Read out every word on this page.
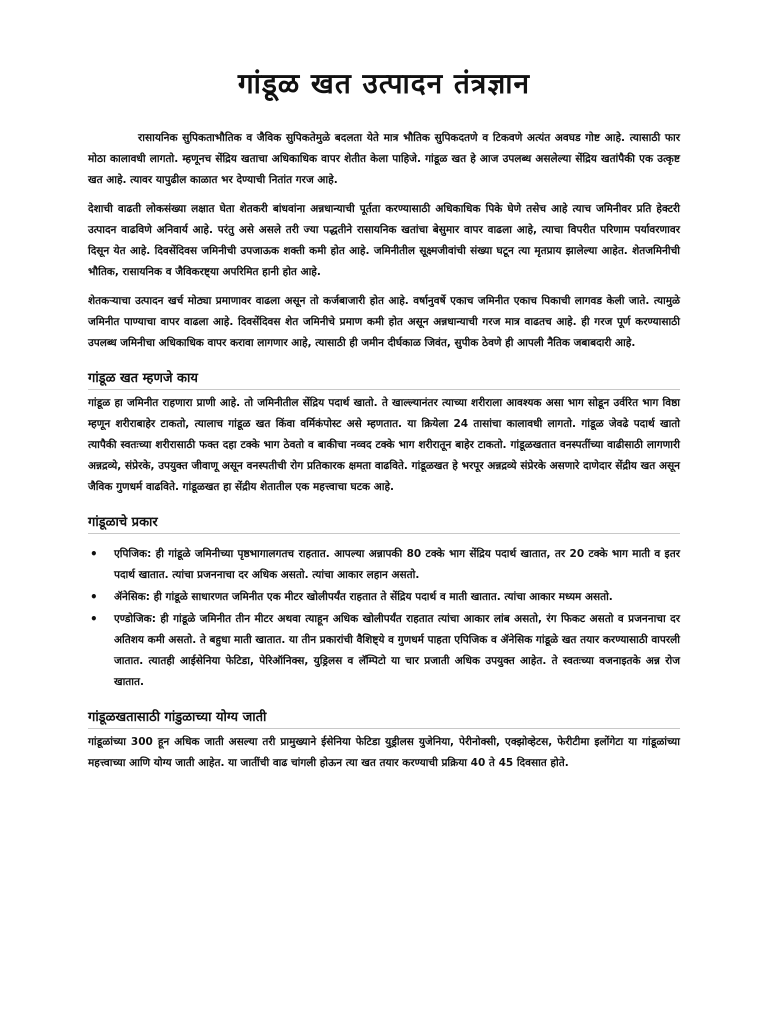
गांडूळ खत उत्पादन तंत्रज्ञान

रासायनिक सुपिकताभौतिक व जैविक सुपिकतेमुळे बदलता येते मात्र भौतिक सुपिकदतणे व टिकवणे अत्यंत अवघड गोष्ट आहे. त्यासाठी फार मोठा कालावधी लागतो. म्हणूनच सेंद्रिय खताचा अधिकाधिक वापर शेतीत केला पाहिजे. गांडूळ खत हे आज उपलब्ध असलेल्या सेंद्रिय खतांपैकी एक उत्कृष्ट खत आहे. त्यावर यापुढील काळात भर देण्याची नितांत गरज आहे.

देशाची वाढती लोकसंख्या लक्षात घेता शेतकरी बांधवांना अन्नधान्याची पूर्तता करण्यासाठी अधिकाधिक पिके घेणे तसेच आहे त्याच जमिनीवर प्रति हेक्टरी उत्पादन वाढविणे अनिवार्य आहे. परंतु असे असले तरी ज्या पद्धतीने रासायनिक खतांचा बेसुमार वापर वाढला आहे, त्याचा विपरीत परिणाम पर्यावरणावर दिसून येत आहे. दिवसेंदिवस जमिनीची उपजाऊक शक्ती कमी होत आहे. जमिनीतील सूक्ष्मजीवांची संख्या घटून त्या मृतप्राय झालेल्या आहेत. शेतजमिनीची भौतिक, रासायनिक व जैविकरष्ट्या अपरिमित हानी होत आहे.

शेतकऱ्याचा उत्पादन खर्च मोठ्या प्रमाणावर वाढला असून तो कर्जबाजारी होत आहे. वर्षानुवर्षे एकाच जमिनीत एकाच पिकाची लागवड केली जाते. त्यामुळे जमिनीत पाण्याचा वापर वाढला आहे. दिवसेंदिवस शेत जमिनीचे प्रमाण कमी होत असून अन्नधान्याची गरज मात्र वाढतच आहे. ही गरज पूर्ण करण्यासाठी उपलब्ध जमिनीचा अधिकाधिक वापर करावा लागणार आहे, त्यासाठी ही जमीन दीर्घकाळ जिवंत, सुपीक ठेवणे ही आपली नैतिक जबाबदारी आहे.

गांडूळ खत म्हणजे काय

गांडूळ हा जमिनीत राहणारा प्राणी आहे. तो जमिनीतील सेंद्रिय पदार्थ खातो. ते खाल्ल्यानंतर त्याच्या शरीराला आवश्यक असा भाग सोडून उर्वरित भाग विष्ठा म्हणून शरीराबाहेर टाकतो, त्यालाच गांडूळ खत किंवा वर्मिकंपोस्ट असे म्हणतात. या क्रियेला 24 तासांचा कालावधी लागतो. गांडूळ जेवढे पदार्थ खातो त्यापैकी स्वतःच्या शरीरासाठी फक्त दहा टक्के भाग ठेवतो व बाकीचा नव्वद टक्के भाग शरीरातून बाहेर टाकतो. गांडूळखतात वनस्पतींच्या वाढीसाठी लागणारी अन्नद्रव्ये, संप्रेरके, उपयुक्त जीवाणू असून वनस्पतीची रोग प्रतिकारक क्षमता वाढविते. गांडूळखत हे भरपूर अन्नद्रव्ये संप्रेरके असणारे दाणेदार सेंद्रीय खत असून जैविक गुणधर्म वाढविते. गांडूळखत हा सेंद्रीय शेतातील एक महत्त्वाचा घटक आहे.

गांडूळाचे प्रकार
• एपिजिक: ही गांडूळे जमिनीच्या पृष्ठभागालगतच राहतात. आपल्या अन्नापकी 80 टक्के भाग सेंद्रिय पदार्थ खातात, तर 20 टक्के भाग माती व इतर पदार्थ खातात. त्यांचा प्रजननाचा दर अधिक असतो. त्यांचा आकार लहान असतो.
• ॲनेसिक: ही गांडूळे साधारणत जमिनीत एक मीटर खोलीपर्यंत राहतात ते सेंद्रिय पदार्थ व माती खातात. त्यांचा आकार मध्यम असतो.
• एण्डोजिक: ही गांडूळे जमिनीत तीन मीटर अथवा त्याहून अधिक खोलीपर्यंत राहतात त्यांचा आकार लांब असतो, रंग फिकट असतो व प्रजननाचा दर अतिशय कमी असतो. ते बहुधा माती खातात. या तीन प्रकारांची वैशिष्ट्ये व गुणधर्म पाहता एपिजिक व ॲनेसिक गांडूळे खत तयार करण्यासाठी वापरली जातात. त्यातही आईसेनिया फेटिडा, पेरिऑनिक्स, युड्रिलस व लॅम्पिटो या चार प्रजाती अधिक उपयुक्त आहेत. ते स्वतःच्या वजनाइतके अन्न रोज खातात.
गांडूळखतासाठी गांडुळाच्या योग्य जाती

गांडूळांच्या 300 हून अधिक जाती असल्या तरी प्रामुख्याने ईसेनिया फेटिडा युड्रीलस युजेनिया, पेरीनोक्सी, एक्झोव्हेटस, फेरीटीमा इलोंगेटा या गांडूळांच्या महत्त्वाच्या आणि योग्य जाती आहेत. या जातींची वाढ चांगली होऊन त्या खत तयार करण्याची प्रक्रिया 40 ते 45 दिवसात होते.
